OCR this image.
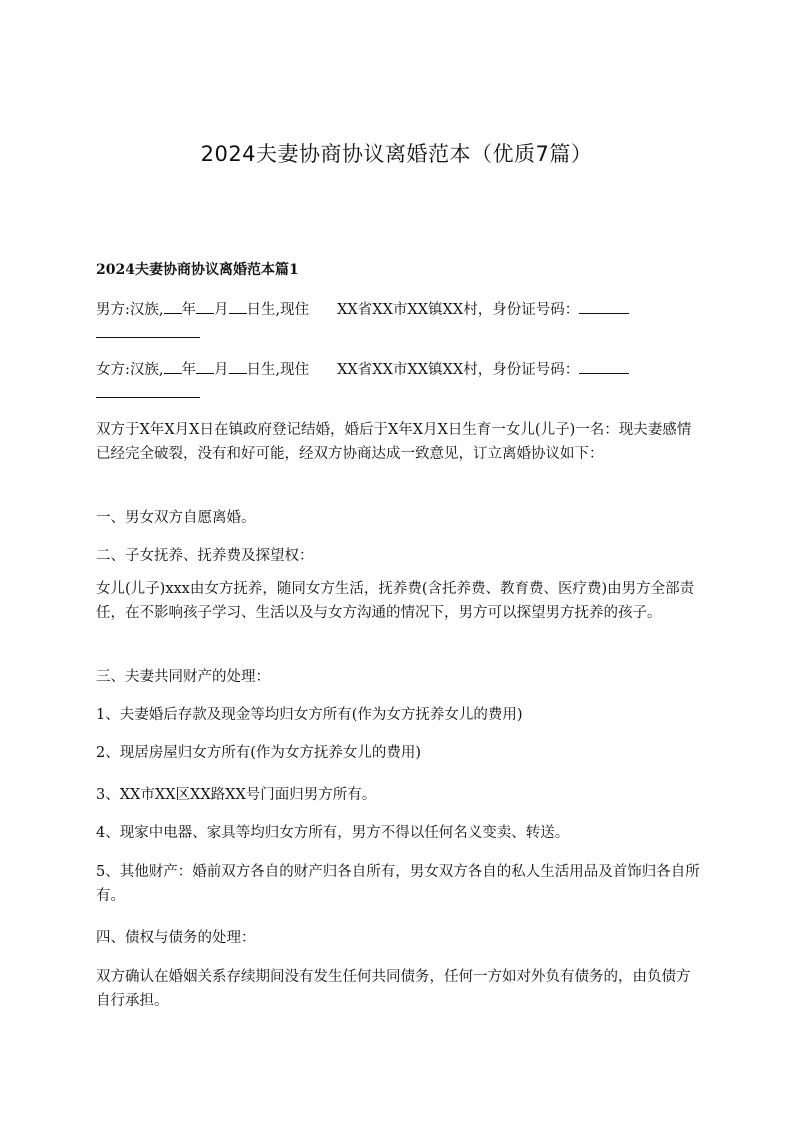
2024夫妻协商协议离婚范本（优质7篇）
2024夫妻协商协议离婚范本篇1
男方:汉族, 年 月 日生,现住 XX省XX市XX镇XX村，身份证号码：
女方:汉族, 年 月 日生,现住 XX省XX市XX镇XX村，身份证号码：
双方于X年X月X日在镇政府登记结婚，婚后于X年X月X日生育一女儿(儿子)一名：现夫妻感情已经完全破裂，没有和好可能，经双方协商达成一致意见，订立离婚协议如下：
一、男女双方自愿离婚。
二、子女抚养、抚养费及探望权：
女儿(儿子)xxx由女方抚养，随同女方生活，抚养费(含托养费、教育费、医疗费)由男方全部责任，在不影响孩子学习、生活以及与女方沟通的情况下，男方可以探望男方抚养的孩子。
三、夫妻共同财产的处理：
1、夫妻婚后存款及现金等均归女方所有(作为女方抚养女儿的费用)
2、现居房屋归女方所有(作为女方抚养女儿的费用)
3、XX市XX区XX路XX号门面归男方所有。
4、现家中电器、家具等均归女方所有，男方不得以任何名义变卖、转送。
5、其他财产：婚前双方各自的财产归各自所有，男女双方各自的私人生活用品及首饰归各自所有。
四、债权与债务的处理：
双方确认在婚姻关系存续期间没有发生任何共同债务，任何一方如对外负有债务的，由负债方自行承担。
